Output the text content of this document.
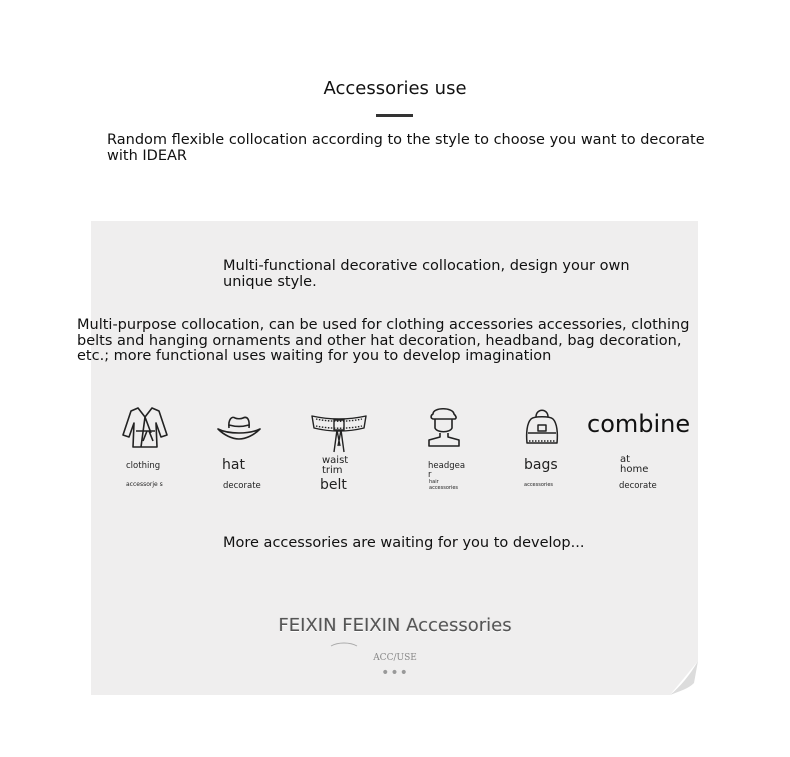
Accessories use
Random flexible collocation according to the style to choose you want to decorate with IDEAR
Multi-functional decorative collocation, design your own unique style.
Multi-purpose collocation, can be used for clothing accessories accessories, clothing belts and hanging ornaments and other hat decoration, headband, bag decoration, etc.; more functional uses waiting for you to develop imagination
clothing
accessorje s
hat
decorate
waist trim
belt
headgea r
hair accessories
bags
accessories
combine
at home
decorate
More accessories are waiting for you to develop...
FEIXIN FEIXIN Accessories
ACC/USE
•••
